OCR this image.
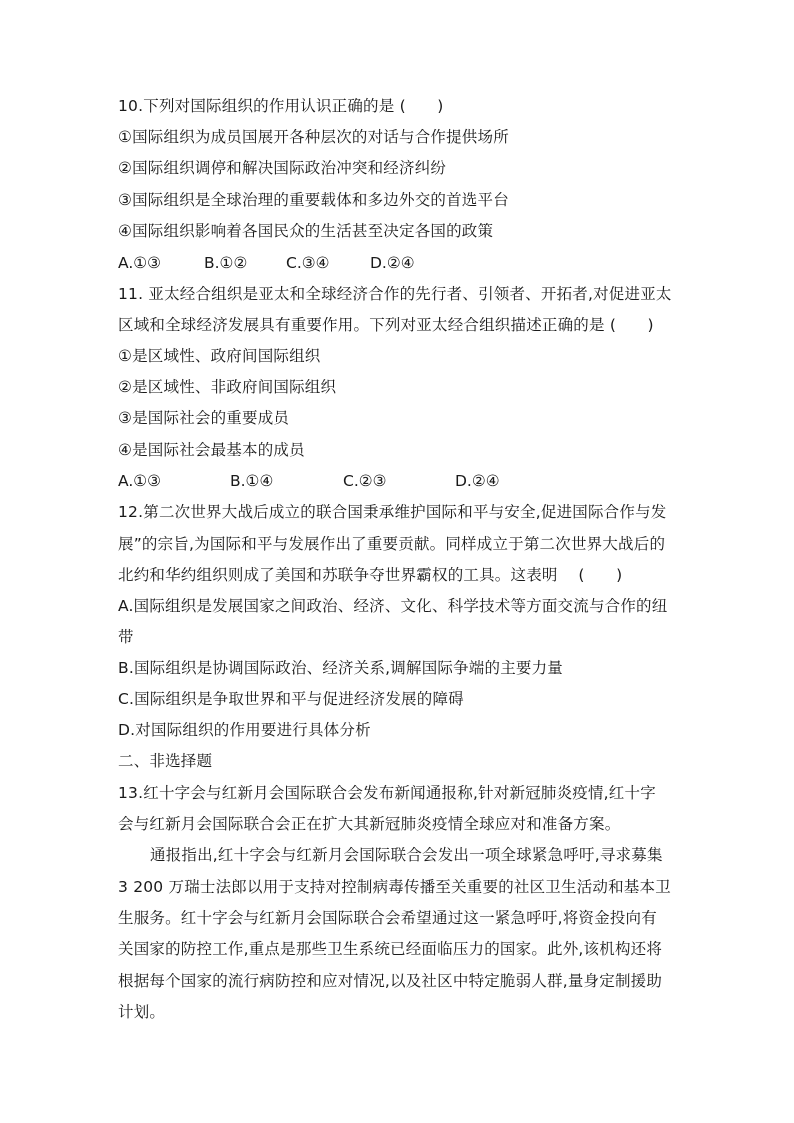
10.下列对国际组织的作用认识正确的是 (　　)
①国际组织为成员国展开各种层次的对话与合作提供场所
②国际组织调停和解决国际政治冲突和经济纠纷
③国际组织是全球治理的重要载体和多边外交的首选平台
④国际组织影响着各国民众的生活甚至决定各国的政策
A.①③	B.①② C.③④	D.②④
11. 亚太经合组织是亚太和全球经济合作的先行者、引领者、开拓者,对促进亚太
区域和全球经济发展具有重要作用。下列对亚太经合组织描述正确的是 (　　)
①是区域性、政府间国际组织
②是区域性、非政府间国际组织
③是国际社会的重要成员
④是国际社会最基本的成员
A.①③	B.①④	C.②③	D.②④
12.第二次世界大战后成立的联合国秉承维护国际和平与安全,促进国际合作与发
展”的宗旨,为国际和平与发展作出了重要贡献。同样成立于第二次世界大战后的
北约和华约组织则成了美国和苏联争夺世界霸权的工具。这表明　 (　　)
A.国际组织是发展国家之间政治、经济、文化、科学技术等方面交流与合作的纽
带
B.国际组织是协调国际政治、经济关系,调解国际争端的主要力量
C.国际组织是争取世界和平与促进经济发展的障碍
D.对国际组织的作用要进行具体分析
二、非选择题
13.红十字会与红新月会国际联合会发布新闻通报称,针对新冠肺炎疫情,红十字
会与红新月会国际联合会正在扩大其新冠肺炎疫情全球应对和准备方案。
通报指出,红十字会与红新月会国际联合会发出一项全球紧急呼吁,寻求募集
3 200 万瑞士法郎以用于支持对控制病毒传播至关重要的社区卫生活动和基本卫
生服务。红十字会与红新月会国际联合会希望通过这一紧急呼吁,将资金投向有
关国家的防控工作,重点是那些卫生系统已经面临压力的国家。此外,该机构还将
根据每个国家的流行病防控和应对情况,以及社区中特定脆弱人群,量身定制援助
计划。
